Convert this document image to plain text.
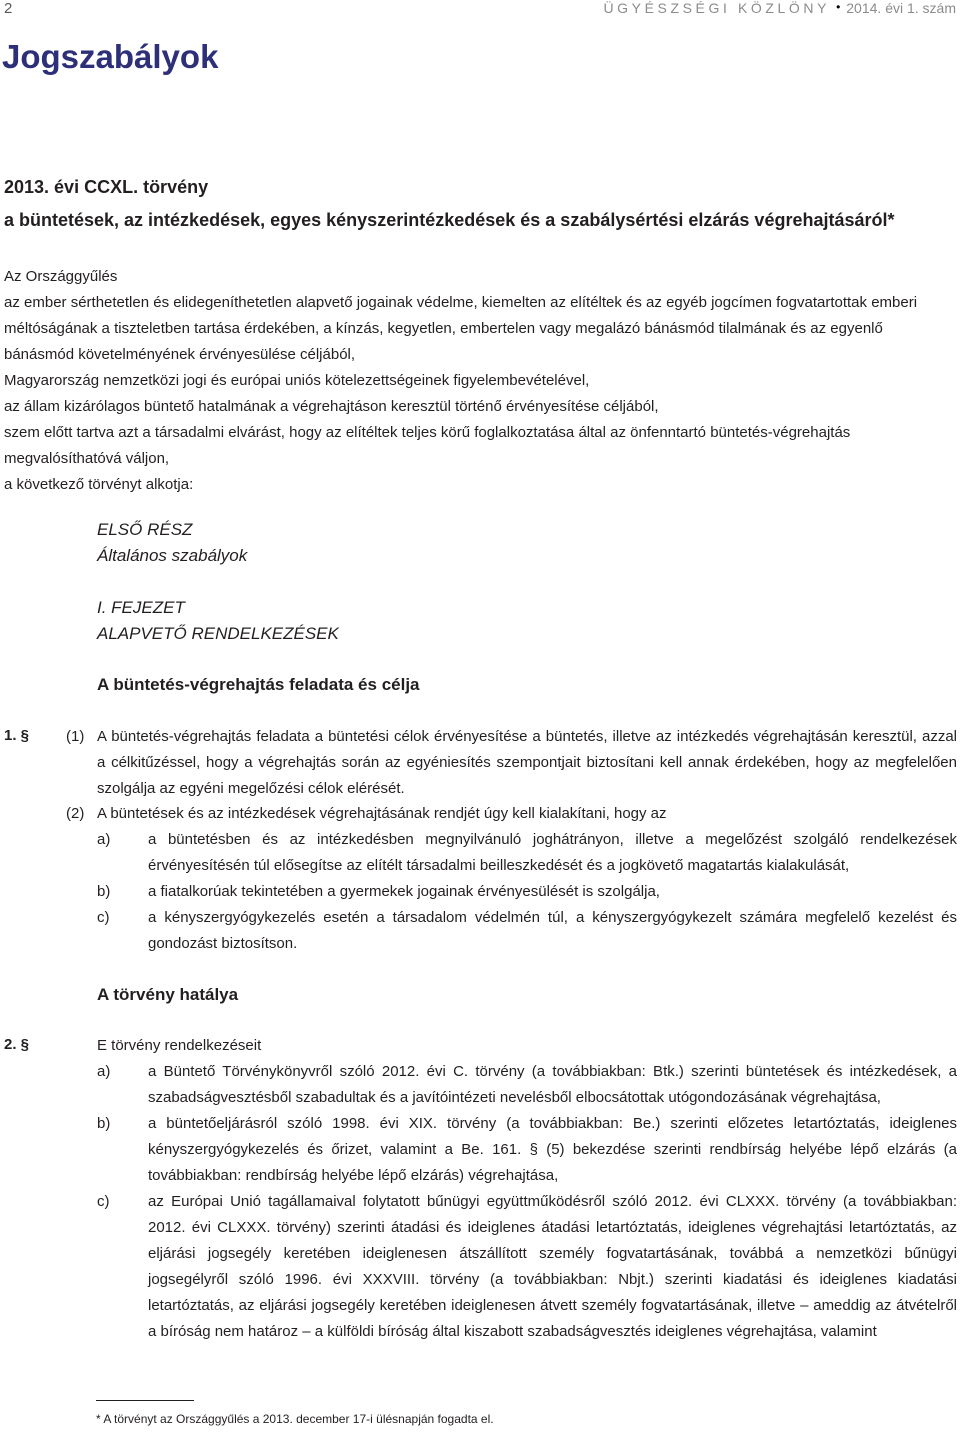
2	ÜGYÉSZSÉGI KÖZLÖNY • 2014. évi 1. szám
Jogszabályok
2013. évi CCXL. törvény
a büntetések, az intézkedések, egyes kényszerintézkedések és a szabálysértési elzárás végrehajtásáról*

Az Országgyűlés

az ember sérthetetlen és elidegeníthetetlen alapvető jogainak védelme, kiemelten az elítéltek és az egyéb jogcímen fogvatartottak emberi méltóságának a tiszteletben tartása érdekében, a kínzás, kegyetlen, embertelen vagy megalázó bánásmód tilalmának és az egyenlő bánásmód követelményének érvényesülése céljából,

Magyarország nemzetközi jogi és európai uniós kötelezettségeinek figyelembevételével,

az állam kizárólagos büntető hatalmának a végrehajtáson keresztül történő érvényesítése céljából,

szem előtt tartva azt a társadalmi elvárást, hogy az elítéltek teljes körű foglalkoztatása által az önfenntartó büntetés-végrehajtás megvalósíthatóvá váljon,

a következő törvényt alkotja:

ELSŐ RÉSZ
Általános szabályok
I. FEJEZET
ALAPVETŐ RENDELKEZÉSEK
A büntetés-végrehajtás feladata és célja
1. § (1) A büntetés-végrehajtás feladata a büntetési célok érvényesítése a büntetés, illetve az intézkedés végrehajtásán keresztül, azzal a célkitűzéssel, hogy a végrehajtás során az egyéniesítés szempontjait biztosítani kell annak érdekében, hogy az megfelelően szolgálja az egyéni megelőzési célok elérését.
(2) A büntetések és az intézkedések végrehajtásának rendjét úgy kell kialakítani, hogy az
a)	a büntetésben és az intézkedésben megnyilvánuló joghátrányon, illetve a megelőzést szolgáló rendelkezések érvényesítésén túl elősegítse az elítélt társadalmi beilleszkedését és a jogkövető magatartás kialakulását,
b)	a fiatalkorúak tekintetében a gyermekek jogainak érvényesülését is szolgálja,
c)	a kényszergyógykezelés esetén a társadalom védelmén túl, a kényszergyógykezelt számára megfelelő kezelést és gondozást biztosítson.
A törvény hatálya
2. §	E törvény rendelkezéseit
a)	a Büntető Törvénykönyvről szóló 2012. évi C. törvény (a továbbiakban: Btk.) szerinti büntetések és intézkedések, a szabadságvesztésből szabadultak és a javítóintézeti nevelésből elbocsátottak utógondozásának végrehajtása,
b)	a büntetőeljárásról szóló 1998. évi XIX. törvény (a továbbiakban: Be.) szerinti előzetes letartóztatás, ideiglenes kényszergyógykezelés és őrizet, valamint a Be. 161. § (5) bekezdése szerinti rendbírság helyébe lépő elzárás (a továbbiakban: rendbírság helyébe lépő elzárás) végrehajtása,
c)	az Európai Unió tagállamaival folytatott bűnügyi együttműködésről szóló 2012. évi CLXXX. törvény (a továbbiakban: 2012. évi CLXXX. törvény) szerinti átadási és ideiglenes átadási letartóztatás, ideiglenes végrehajtási letartóztatás, az eljárási jogsegély keretében ideiglenesen átszállított személy fogvatartásának, továbbá a nemzetközi bűnügyi jogsegélyről szóló 1996. évi XXXVIII. törvény (a továbbiakban: Nbjt.) szerinti kiadatási és ideiglenes kiadatási letartóztatás, az eljárási jogsegély keretében ideiglenesen átvett személy fogvatartásának, illetve – ameddig az átvételről a bíróság nem határoz – a külföldi bíróság által kiszabott szabadságvesztés ideiglenes végrehajtása, valamint
* A törvényt az Országgyűlés a 2013. december 17-i ülésnapján fogadta el.
